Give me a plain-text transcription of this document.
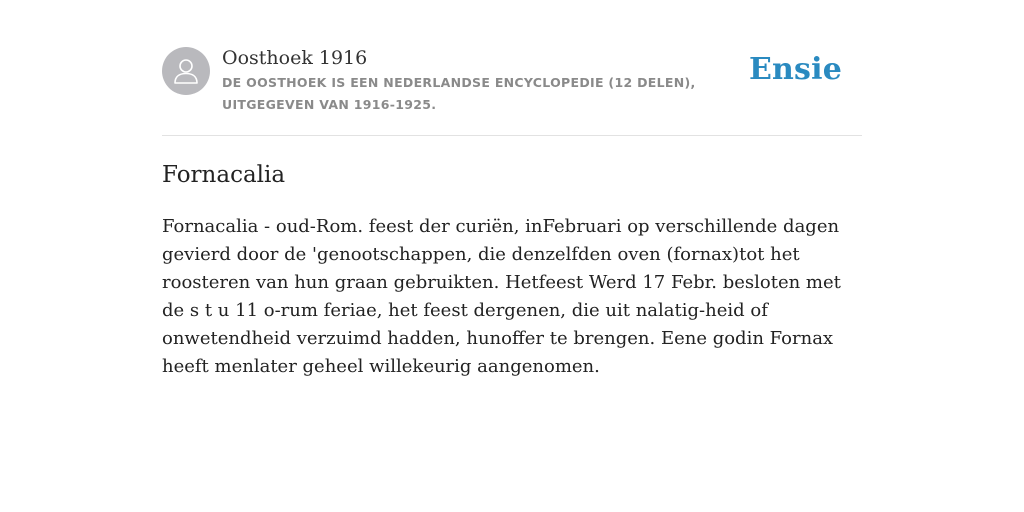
Oosthoek 1916
DE OOSTHOEK IS EEN NEDERLANDSE ENCYCLOPEDIE (12 DELEN), UITGEGEVEN VAN 1916-1925.
Ensie
Fornacalia
Fornacalia - oud-Rom. feest der curiën, inFebruari op verschillende dagen gevierd door de 'genootschappen, die denzelfden oven (fornax)tot het roosteren van hun graan gebruikten. Hetfeest Werd 17 Febr. besloten met de s t u 11 o-rum feriae, het feest dergenen, die uit nalatig-heid of onwetendheid verzuimd hadden, hunoffer te brengen. Eene godin Fornax heeft menlater geheel willekeurig aangenomen.
